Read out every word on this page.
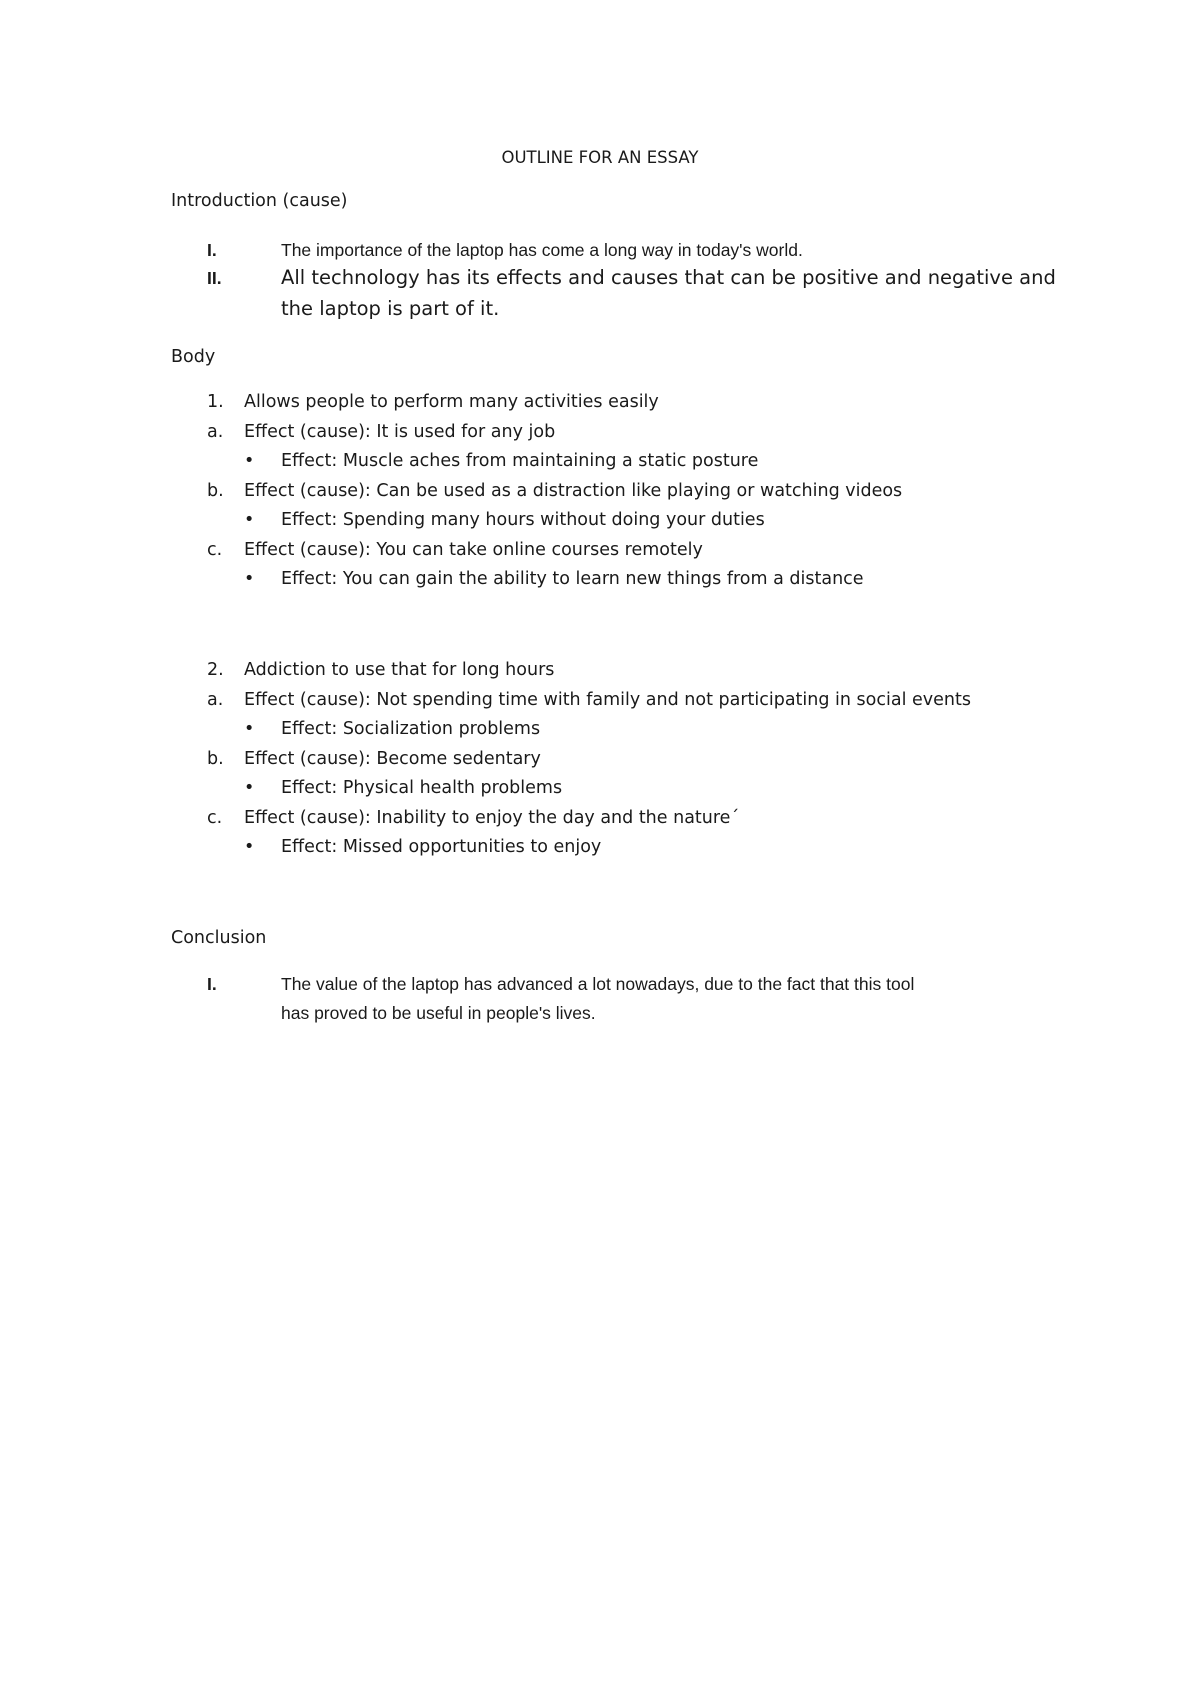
OUTLINE FOR AN ESSAY
Introduction (cause)
I.	The importance of the laptop has come a long way in today's world.
II.	All technology has its effects and causes that can be positive and negative and
the laptop is part of it.
Body
1. Allows people to perform many activities easily
a. Effect (cause): It is used for any job
• Effect: Muscle aches from maintaining a static posture
b. Effect (cause): Can be used as a distraction like playing or watching videos
• Effect: Spending many hours without doing your duties
c. Effect (cause): You can take online courses remotely
• Effect: You can gain the ability to learn new things from a distance
2. Addiction to use that for long hours
a. Effect (cause): Not spending time with family and not participating in social events
• Effect: Socialization problems
b. Effect (cause): Become sedentary
• Effect: Physical health problems
c. Effect (cause): Inability to enjoy the day and the nature´
• Effect: Missed opportunities to enjoy
Conclusion
I.	The value of the laptop has advanced a lot nowadays, due to the fact that this tool
has proved to be useful in people's lives.
